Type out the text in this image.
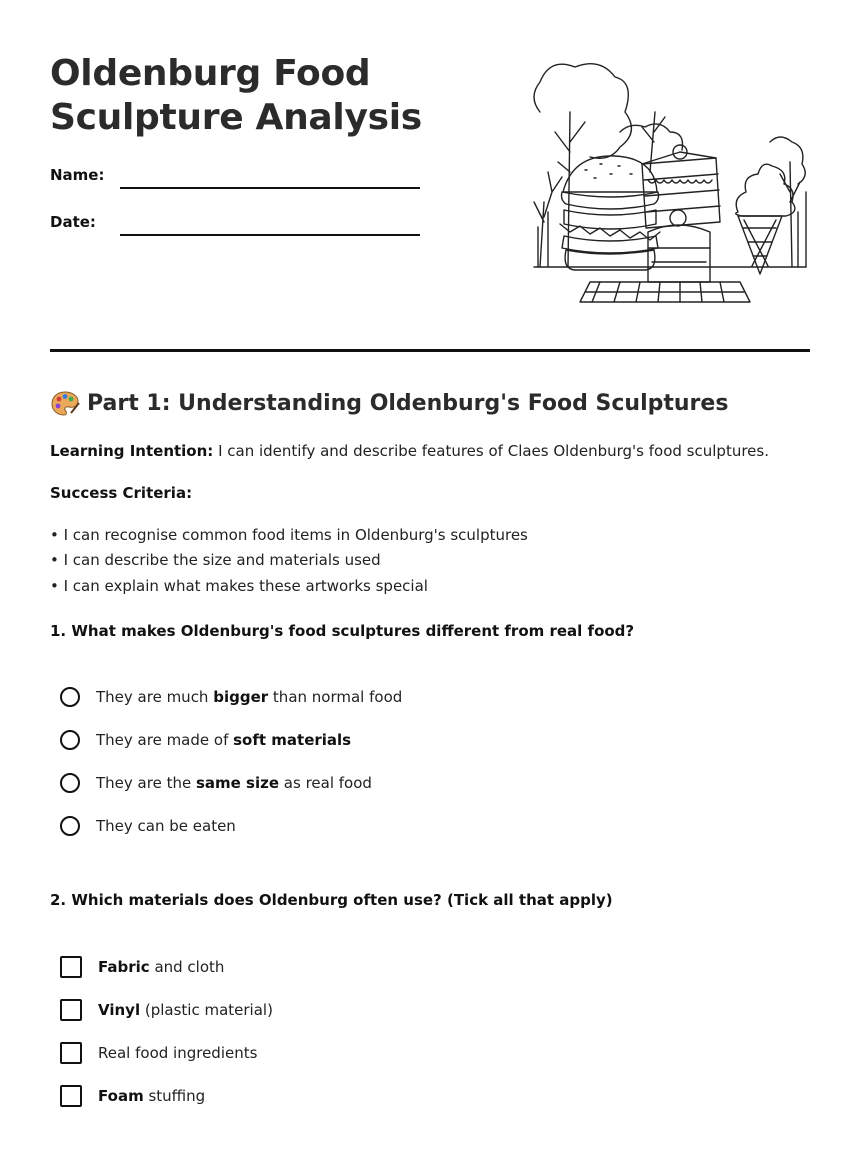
Oldenburg Food
Sculpture Analysis
Name:
Date:
Part 1: Understanding Oldenburg's Food Sculptures
Learning Intention: I can identify and describe features of Claes Oldenburg's food sculptures.
Success Criteria:
• I can recognise common food items in Oldenburg's sculptures
• I can describe the size and materials used
• I can explain what makes these artworks special
1. What makes Oldenburg's food sculptures different from real food?
They are much bigger than normal food
They are made of soft materials
They are the same size as real food
They can be eaten
2. Which materials does Oldenburg often use? (Tick all that apply)
Fabric and cloth
Vinyl (plastic material)
Real food ingredients
Foam stuffing
